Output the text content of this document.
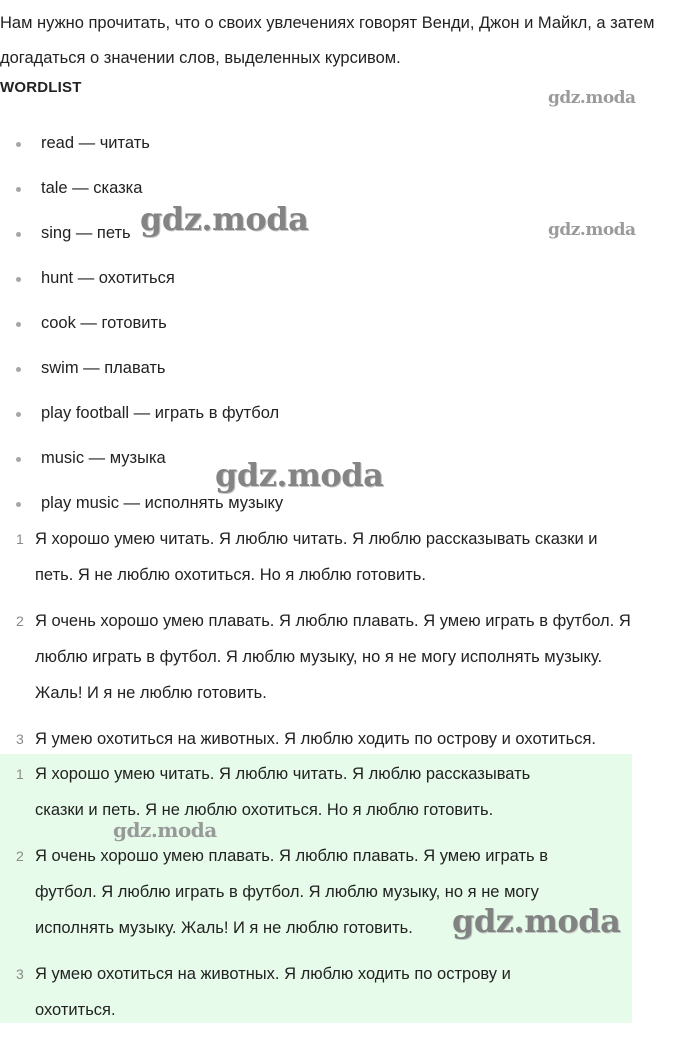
Нам нужно прочитать, что о своих увлечениях говорят Венди, Джон и Майкл, а затем догадаться о значении слов, выделенных курсивом.

WORDLIST

read — читать
tale — сказка
sing — петь
hunt — охотиться
cook — готовить
swim — плавать
play football — играть в футбол
music — музыка
play music — исполнять музыку
1 Я хорошо умею читать. Я люблю читать. Я люблю рассказывать сказки и
петь. Я не люблю охотиться. Но я люблю готовить.
2 Я очень хорошо умею плавать. Я люблю плавать. Я умею играть в футбол. Я
люблю играть в футбол. Я люблю музыку, но я не могу исполнять музыку.
Жаль! И я не люблю готовить.
3 Я умею охотиться на животных. Я люблю ходить по острову и охотиться.
1 Я хорошо умею читать. Я люблю читать. Я люблю рассказывать
сказки и петь. Я не люблю охотиться. Но я люблю готовить.
2 Я очень хорошо умею плавать. Я люблю плавать. Я умею играть в
футбол. Я люблю играть в футбол. Я люблю музыку, но я не могу
исполнять музыку. Жаль! И я не люблю готовить.
3 Я умею охотиться на животных. Я люблю ходить по острову и
охотиться.
gdz.moda
gdz.moda
gdz.moda
gdz.moda
gdz.moda
gdz.moda
